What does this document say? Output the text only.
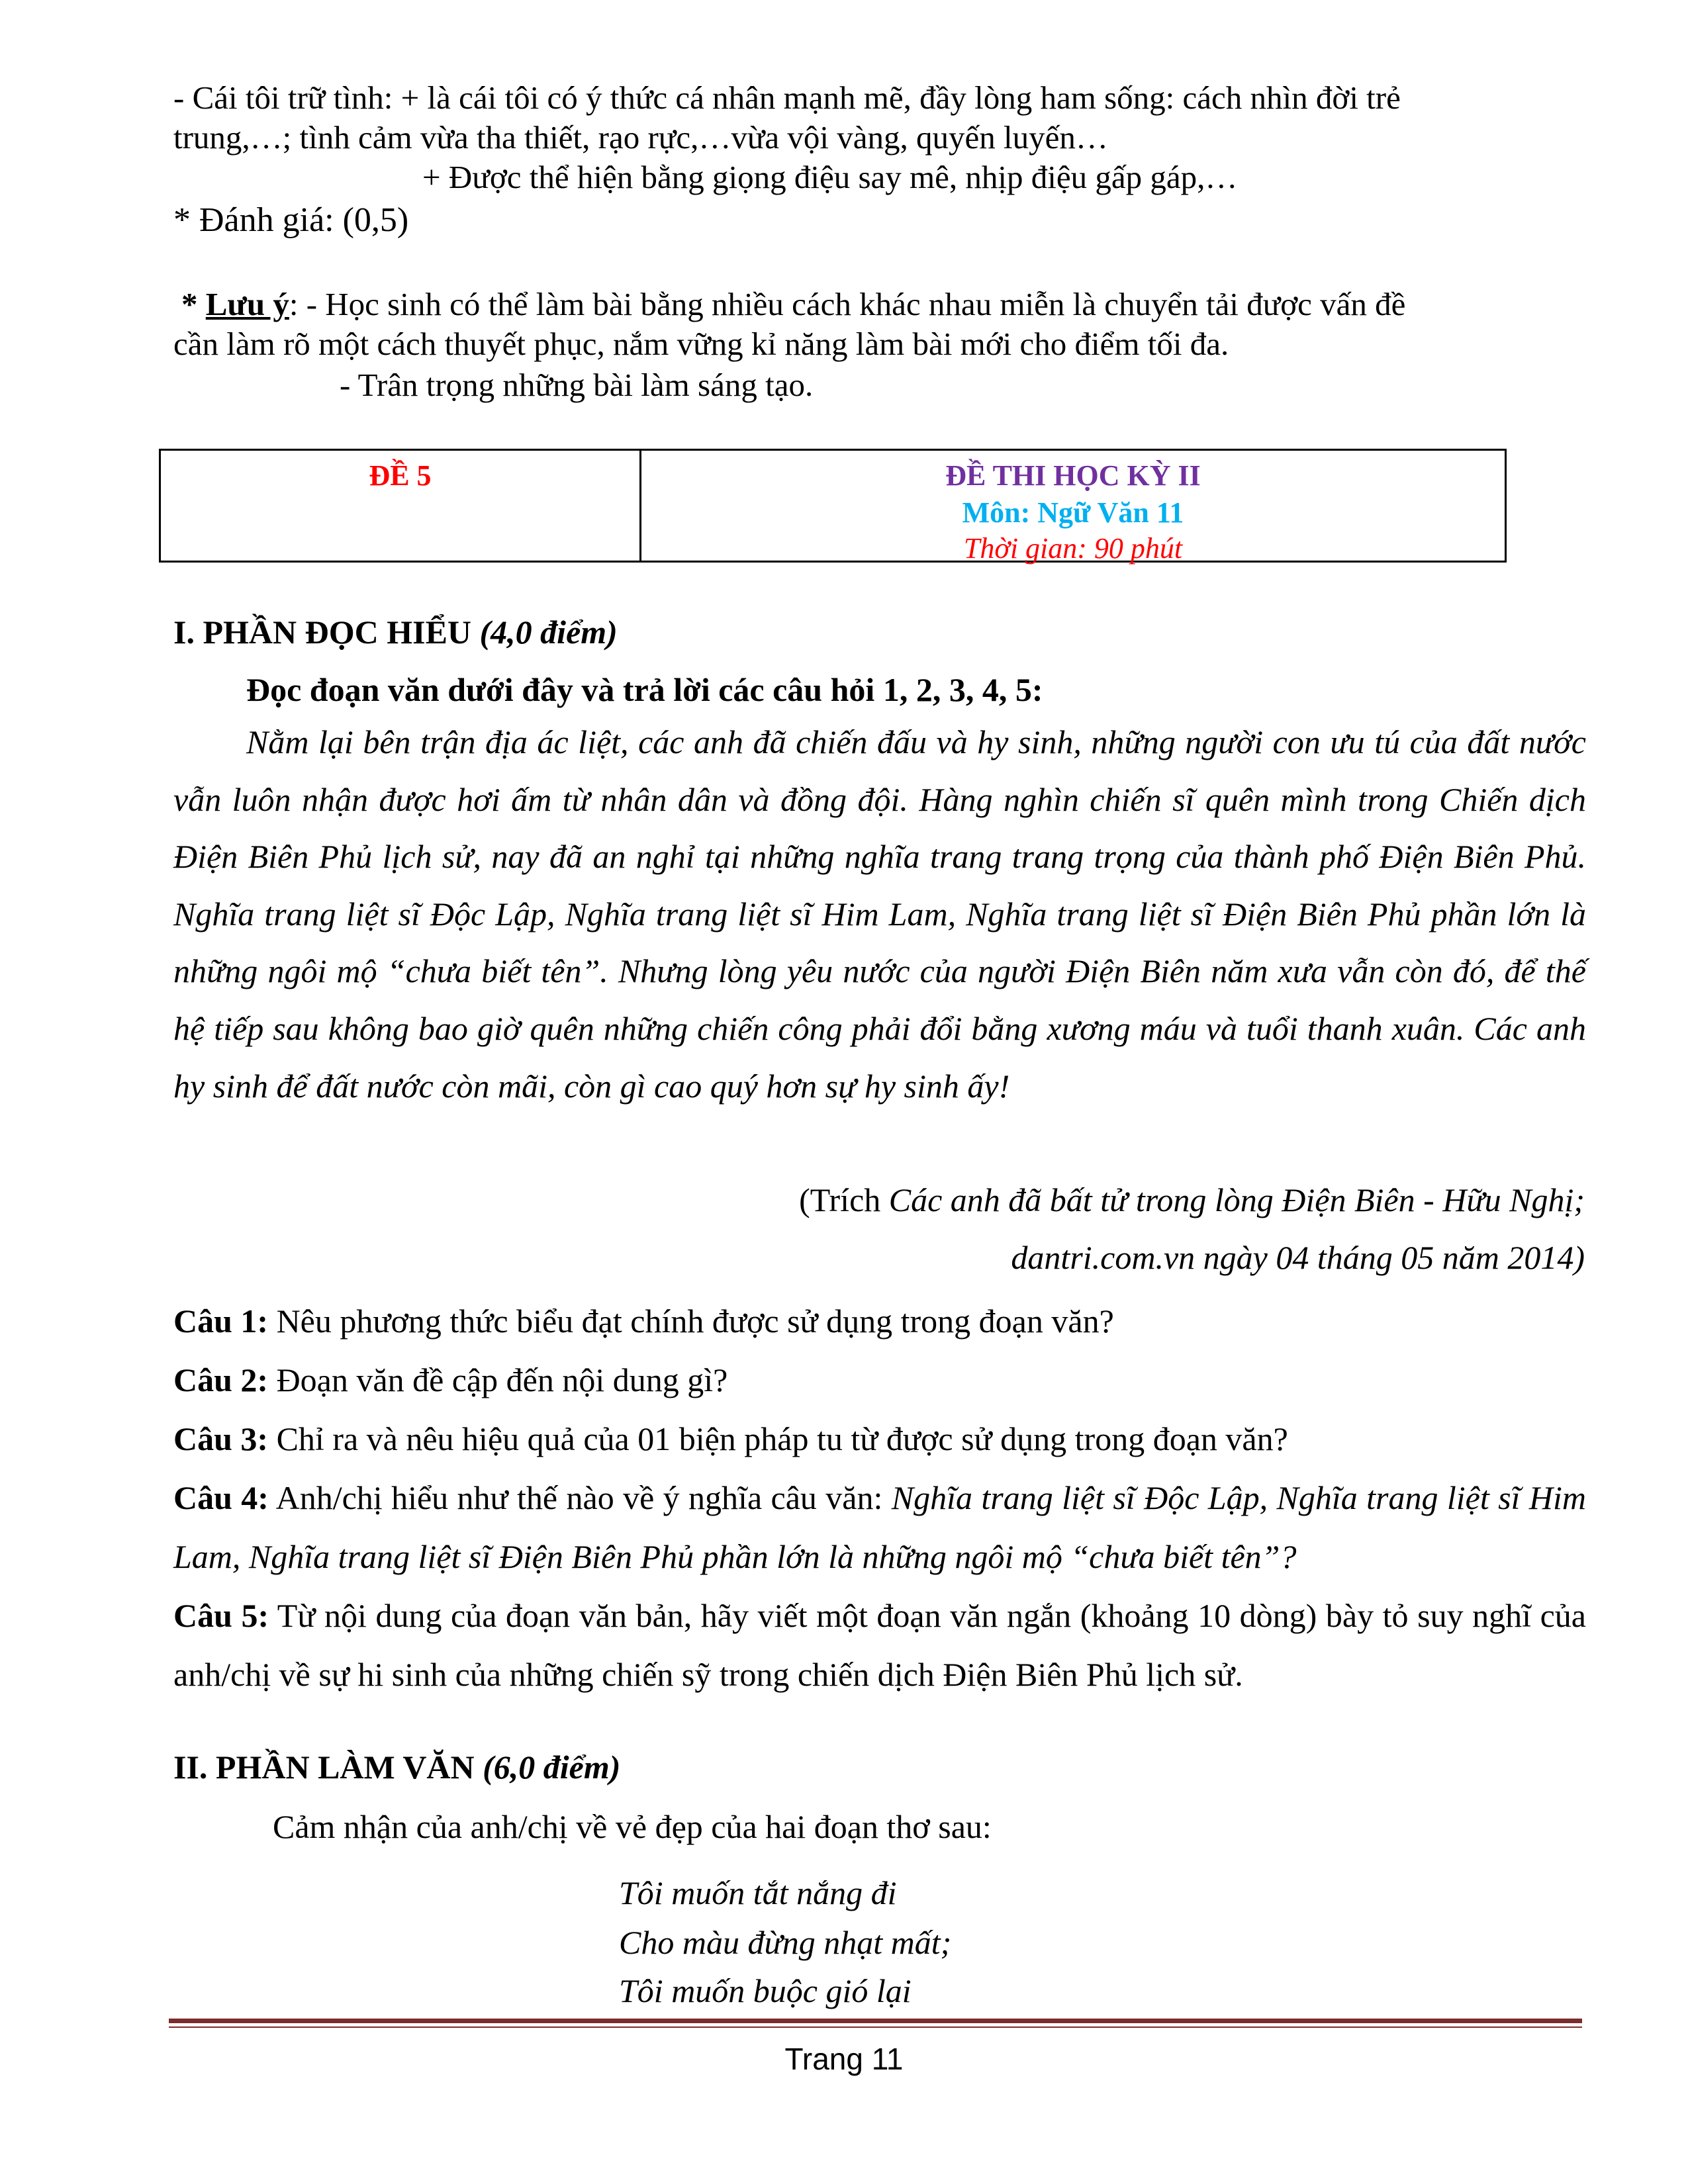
- Cái tôi trữ tình: + là cái tôi có ý thức cá nhân mạnh mẽ, đầy lòng ham sống: cách nhìn đời trẻ
trung,…; tình cảm vừa tha thiết, rạo rực,…vừa vội vàng, quyến luyến…
+ Được thể hiện bằng giọng điệu say mê, nhịp điệu gấp gáp,…
* Đánh giá: (0,5)
* Lưu ý: - Học sinh có thể làm bài bằng nhiều cách khác nhau miễn là chuyển tải được vấn đề
cần làm rõ một cách thuyết phục, nắm vững kỉ năng làm bài mới cho điểm tối đa.
- Trân trọng những bài làm sáng tạo.
ĐỀ 5	ĐỀ THI HỌC KỲ II
Môn: Ngữ Văn 11
Thời gian: 90 phút
I. PHẦN ĐỌC HIỂU (4,0 điểm)
Đọc đoạn văn dưới đây và trả lời các câu hỏi 1, 2, 3, 4, 5:
Nằm lại bên trận địa ác liệt, các anh đã chiến đấu và hy sinh, những người con ưu tú của đất nước vẫn luôn nhận được hơi ấm từ nhân dân và đồng đội. Hàng nghìn chiến sĩ quên mình trong Chiến dịch Điện Biên Phủ lịch sử, nay đã an nghỉ tại những nghĩa trang trang trọng của thành phố Điện Biên Phủ. Nghĩa trang liệt sĩ Độc Lập, Nghĩa trang liệt sĩ Him Lam, Nghĩa trang liệt sĩ Điện Biên Phủ phần lớn là những ngôi mộ “chưa biết tên”. Nhưng lòng yêu nước của người Điện Biên năm xưa vẫn còn đó, để thế hệ tiếp sau không bao giờ quên những chiến công phải đổi bằng xương máu và tuổi thanh xuân. Các anh hy sinh để đất nước còn mãi, còn gì cao quý hơn sự hy sinh ấy!
(Trích Các anh đã bất tử trong lòng Điện Biên - Hữu Nghị;
dantri.com.vn ngày 04 tháng 05 năm 2014)
Câu 1: Nêu phương thức biểu đạt chính được sử dụng trong đoạn văn?
Câu 2: Đoạn văn đề cập đến nội dung gì?
Câu 3: Chỉ ra và nêu hiệu quả của 01 biện pháp tu từ được sử dụng trong đoạn văn?
Câu 4: Anh/chị hiểu như thế nào về ý nghĩa câu văn: Nghĩa trang liệt sĩ Độc Lập, Nghĩa trang liệt sĩ Him Lam, Nghĩa trang liệt sĩ Điện Biên Phủ phần lớn là những ngôi mộ “chưa biết tên”?
Câu 5: Từ nội dung của đoạn văn bản, hãy viết một đoạn văn ngắn (khoảng 10 dòng) bày tỏ suy nghĩ của anh/chị về sự hi sinh của những chiến sỹ trong chiến dịch Điện Biên Phủ lịch sử.
II. PHẦN LÀM VĂN (6,0 điểm)
Cảm nhận của anh/chị về vẻ đẹp của hai đoạn thơ sau:
Tôi muốn tắt nắng đi
Cho màu đừng nhạt mất;
Tôi muốn buộc gió lại
Trang 11
